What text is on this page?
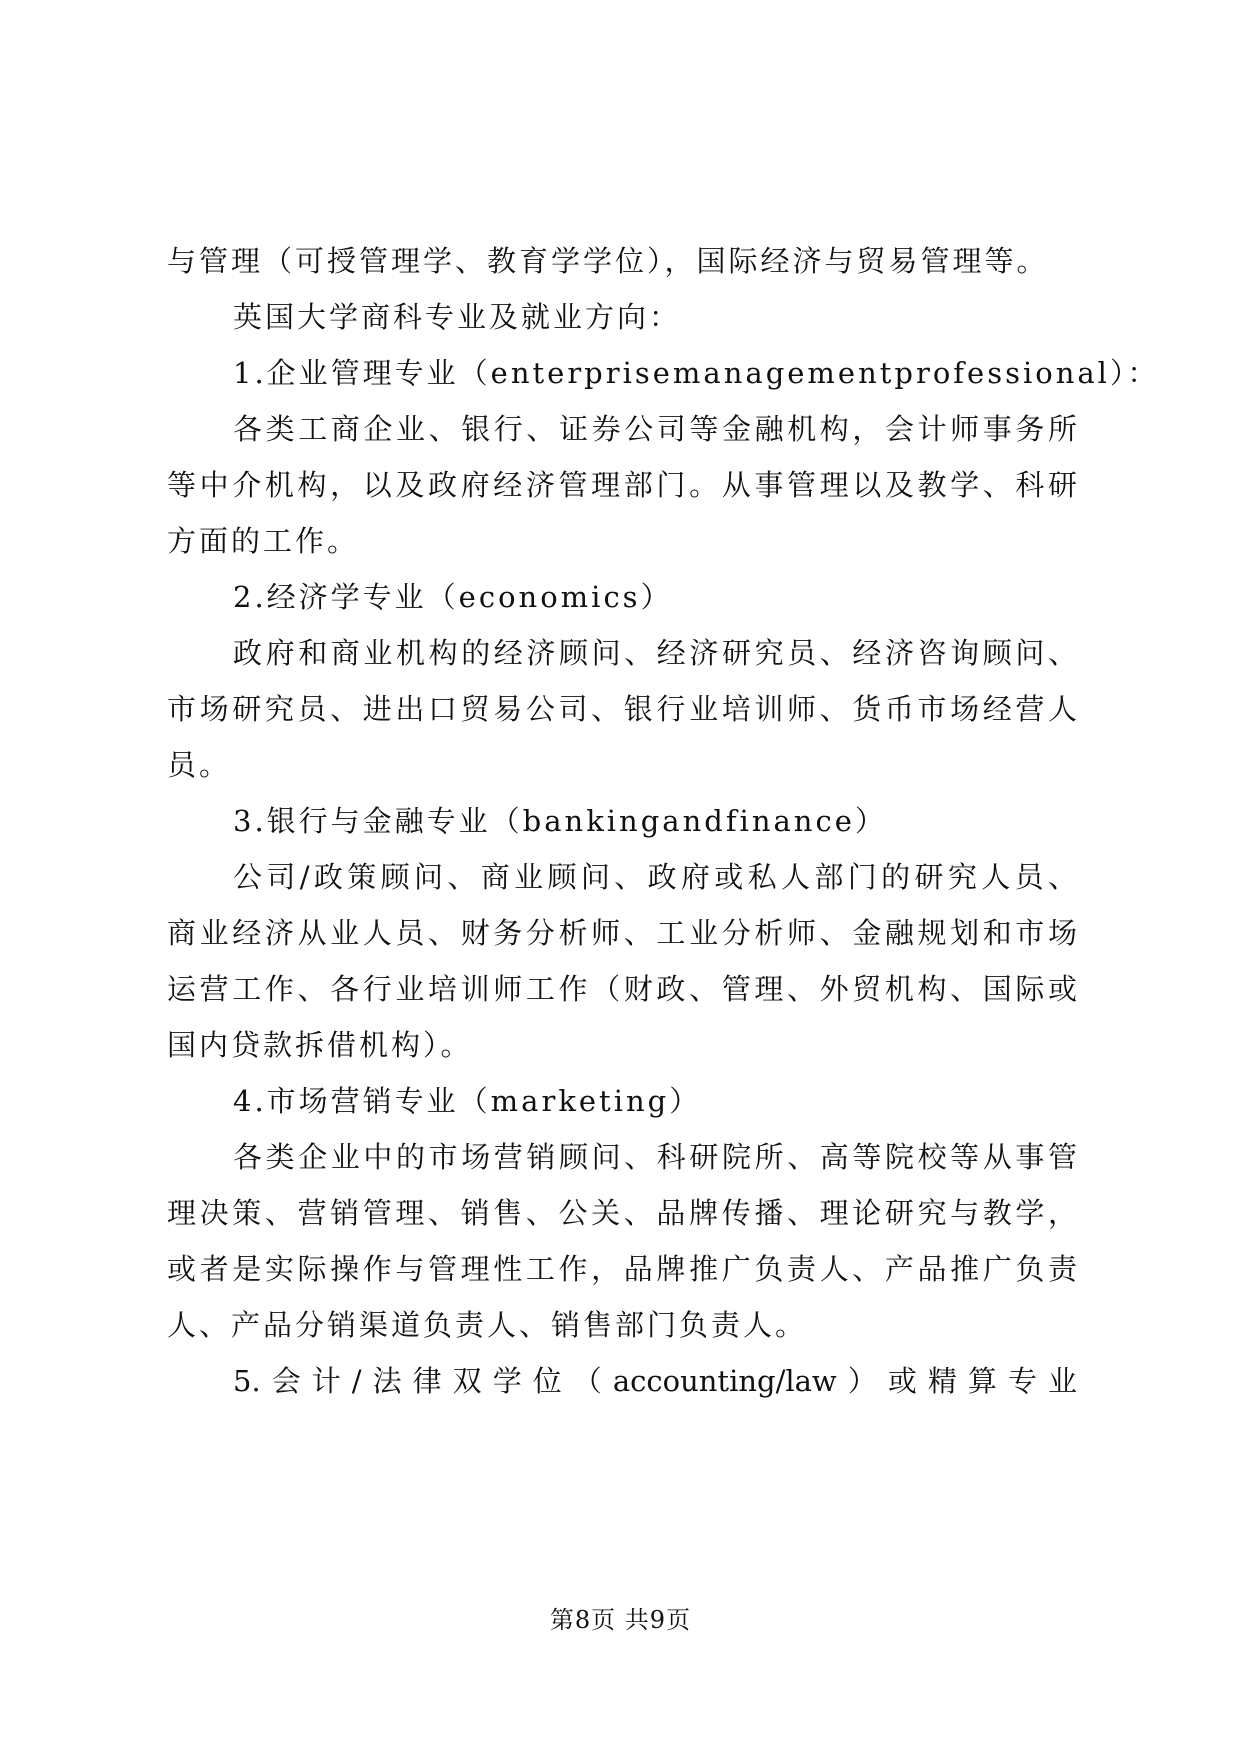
与管理（可授管理学、教育学学位），国际经济与贸易管理等。
英国大学商科专业及就业方向：
1.企业管理专业（enterprisemanagementprofessional）：
各类工商企业、银行、证券公司等金融机构，会计师事务所
等中介机构，以及政府经济管理部门。从事管理以及教学、科研
方面的工作。
2.经济学专业（economics）
政府和商业机构的经济顾问、经济研究员、经济咨询顾问、
市场研究员、进出口贸易公司、银行业培训师、货币市场经营人
员。
3.银行与金融专业（bankingandfinance）
公司/政策顾问、商业顾问、政府或私人部门的研究人员、
商业经济从业人员、财务分析师、工业分析师、金融规划和市场
运营工作、各行业培训师工作（财政、管理、外贸机构、国际或
国内贷款拆借机构）。
4.市场营销专业（marketing）
各类企业中的市场营销顾问、科研院所、高等院校等从事管
理决策、营销管理、销售、公关、品牌传播、理论研究与教学，
或者是实际操作与管理性工作，品牌推广负责人、产品推广负责
人、产品分销渠道负责人、销售部门负责人。
5.会计/法律双学位（accounting/law）或精算专业
第8页 共9页
